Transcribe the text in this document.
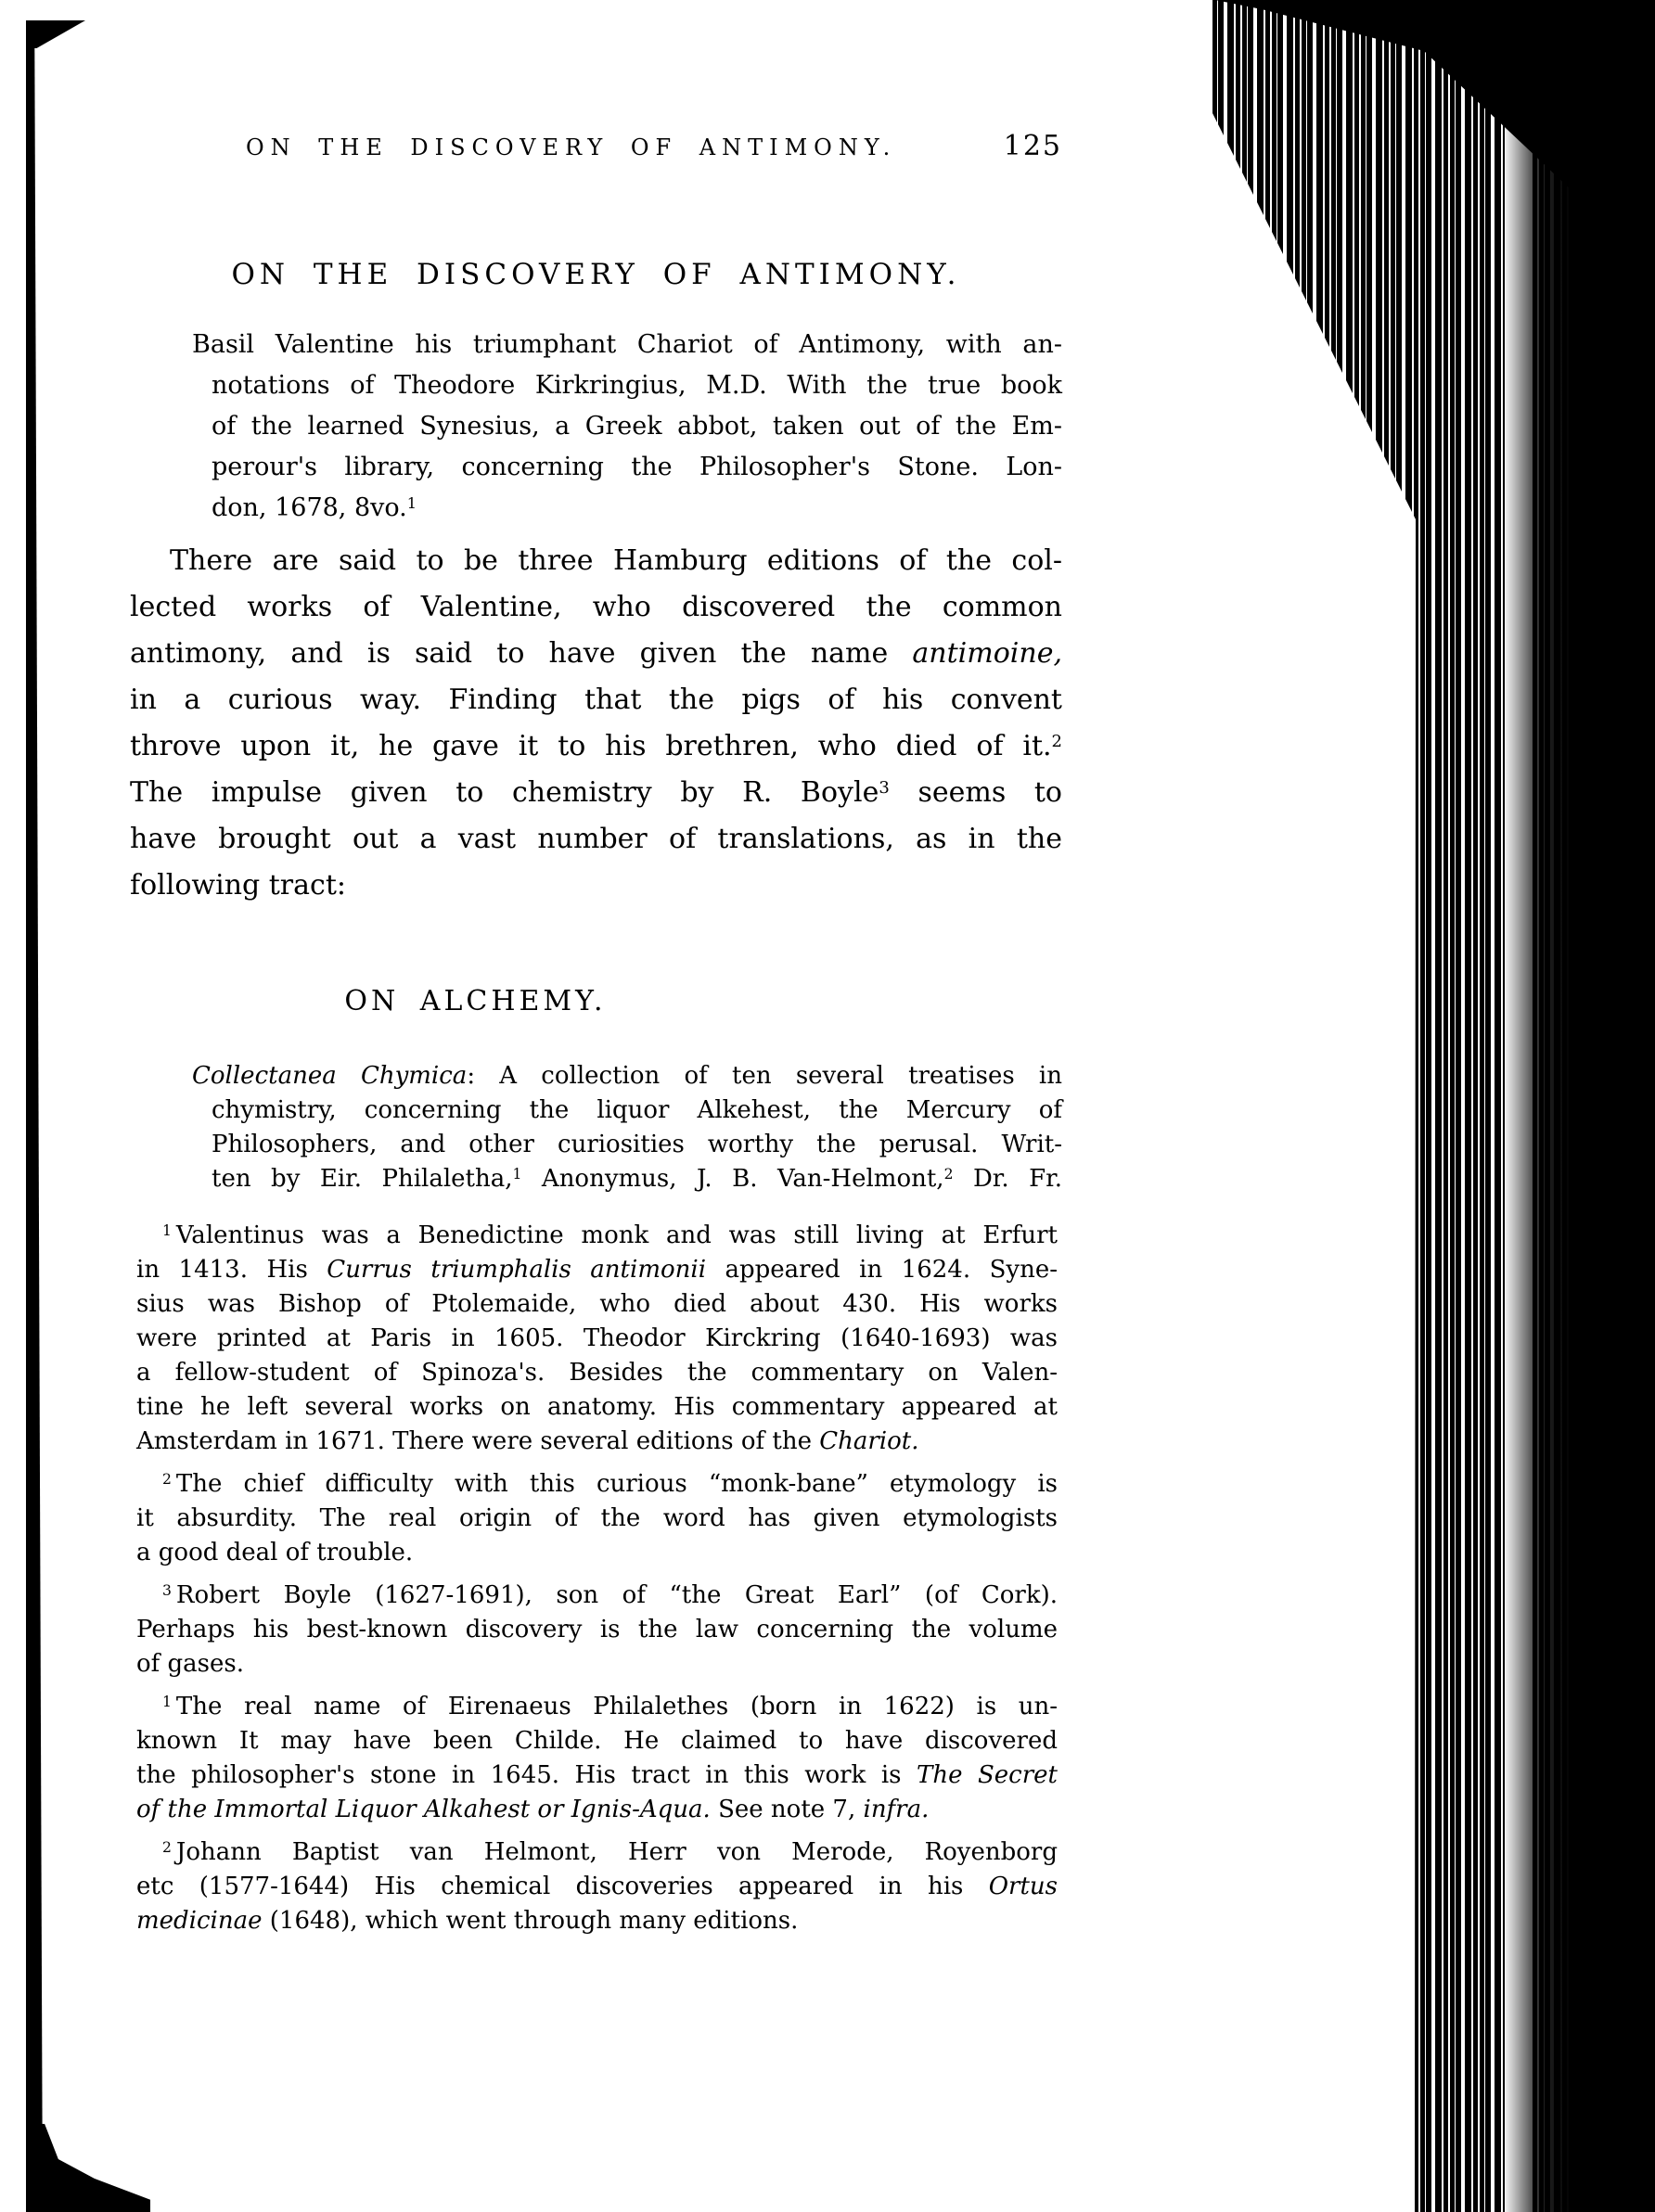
ON THE DISCOVERY OF ANTIMONY.	125
ON THE DISCOVERY OF ANTIMONY.
Basil Valentine his triumphant Chariot of Antimony, with an-
notations of Theodore Kirkringius, M.D. With the true book
of the learned Synesius, a Greek abbot, taken out of the Em-
perour's library, concerning the Philosopher's Stone. Lon-
don, 1678, 8vo.$^1$
There are said to be three Hamburg editions of the col-
lected works of Valentine, who discovered the common
antimony, and is said to have given the name antimoine,
in a curious way. Finding that the pigs of his convent
throve upon it, he gave it to his brethren, who died of it.$^2$
The impulse given to chemistry by R. Boyle$^3$ seems to
have brought out a vast number of translations, as in the
following tract:
ON ALCHEMY.
Collectanea Chymica: A collection of ten several treatises in
chymistry, concerning the liquor Alkehest, the Mercury of
Philosophers, and other curiosities worthy the perusal. Writ-
ten by Eir. Philaletha,$^1$ Anonymus, J. B. Van-Helmont,$^2$ Dr. Fr.
$^1$ Valentinus was a Benedictine monk and was still living at Erfurt
in 1413. His Currus triumphalis antimonii appeared in 1624. Syne-
sius was Bishop of Ptolemaide, who died about 430. His works
were printed at Paris in 1605. Theodor Kirckring (1640-1693) was
a fellow-student of Spinoza's. Besides the commentary on Valen-
tine he left several works on anatomy. His commentary appeared at
Amsterdam in 1671. There were several editions of the Chariot.
$^2$ The chief difficulty with this curious “monk-bane” etymology is
it absurdity. The real origin of the word has given etymologists
a good deal of trouble.
$^3$ Robert Boyle (1627-1691), son of “the Great Earl” (of Cork).
Perhaps his best-known discovery is the law concerning the volume
of gases.
$^1$ The real name of Eirenaeus Philalethes (born in 1622) is un-
known It may have been Childe. He claimed to have discovered
the philosopher's stone in 1645. His tract in this work is The Secret
of the Immortal Liquor Alkahest or Ignis-Aqua. See note 7, infra.
$^2$ Johann Baptist van Helmont, Herr von Merode, Royenborg
etc (1577-1644) His chemical discoveries appeared in his Ortus
medicinae (1648), which went through many editions.
